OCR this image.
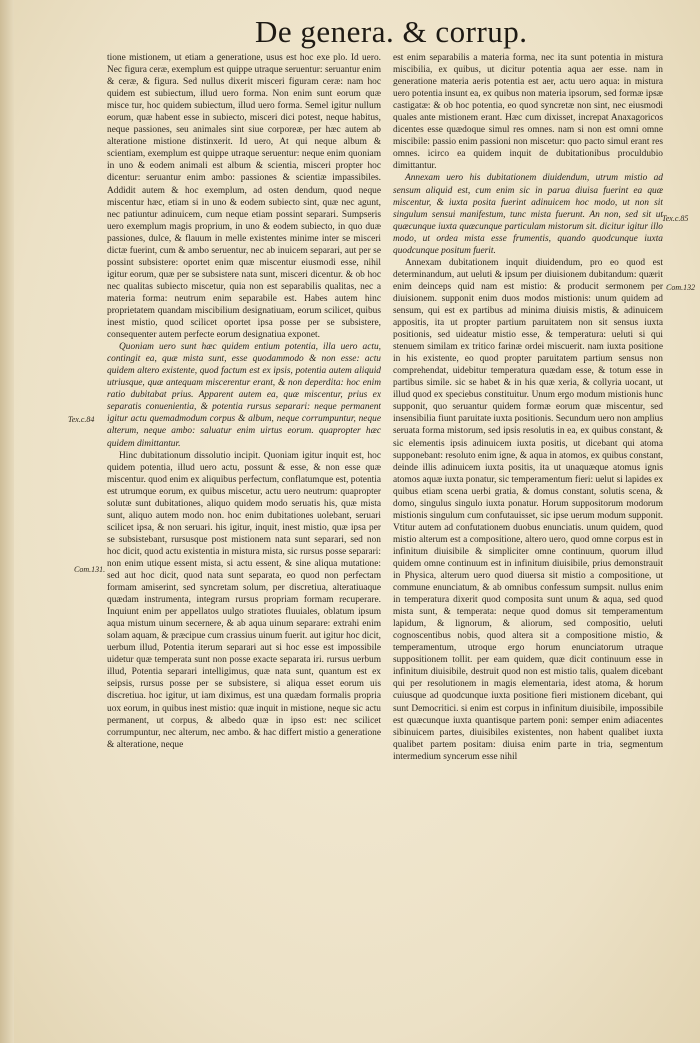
De genera. & corrup.

tione mistionem, ut etiam a generatione, usus est hoc exe plo. Id uero. Nec figura ceræ, exemplum est quippe utraque seruentur: seruantur enim & ceræ, & figura. Sed nullus dixerit misceri figuram ceræ: nam hoc quidem est subiectum, illud uero forma. Non enim sunt eorum quæ misce tur, hoc quidem subiectum, illud uero forma. Semel igitur nullum eorum, quæ habent esse in subiecto, misceri dici potest, neque habitus, neque passiones, seu animales sint siue corporeæ, per hæc autem ab alteratione mistione distinxerit. Id uero, At qui neque album & scientiam, exemplum est quippe utraque seruentur: neque enim quoniam in uno & eodem animali est album & scientia, misceri propter hoc dicentur: seruantur enim ambo: passiones & scientiæ impassibiles. Addidit autem & hoc exemplum, ad osten dendum, quod neque miscentur hæc, etiam si in uno & eodem subiecto sint, quæ nec agunt, nec patiuntur adinuicem, cum neque etiam possint separari. Sumpseris uero exemplum magis proprium, in uno & eodem subiecto, in quo duæ passiones, dulce, & flauum in melle existentes minime inter se misceri dictæ fuerint, cum & ambo seruentur, nec ab inuicem separari, aut per se possint subsistere: oportet enim quæ miscentur eiusmodi esse, nihil igitur eorum, quæ per se subsistere nata sunt, misceri dicentur. & ob hoc nec qualitas subiecto miscetur, quia non est separabilis qualitas, nec a materia forma: neutrum enim separabile est. Habes autem hinc proprietatem quandam miscibilium designatiuam, eorum scilicet, quibus inest mistio, quod scilicet oportet ipsa posse per se subsistere, consequenter autem perfecte eorum designatiua exponet.

Quoniam uero sunt hæc quidem entium potentia, illa uero actu, contingit ea, quæ mista sunt, esse quodammodo & non esse: actu quidem altero existente, quod factum est ex ipsis, potentia autem aliquid utriusque, quæ antequam miscerentur erant, & non deperdita: hoc enim ratio dubitabat prius. Apparent autem ea, quæ miscentur, prius ex separatis conuenientia, & potentia rursus separari: neque permanent igitur actu quemadmodum corpus & album, neque corrumpuntur, neque alterum, neque ambo: saluatur enim uirtus eorum. quapropter hæc quidem dimittantur.

Hinc dubitationum dissolutio incipit. Quoniam igitur inquit est, hoc quidem potentia, illud uero actu, possunt & esse, & non esse quæ miscentur. quod enim ex aliquibus perfectum, conflatumque est, potentia est utrumque eorum, ex quibus miscetur, actu uero neutrum: quapropter solutæ sunt dubitationes, aliquo quidem modo seruatis his, quæ mista sunt, aliquo autem modo non. hoc enim dubitationes uolebant, seruari scilicet ipsa, & non seruari. his igitur, inquit, inest mistio, quæ ipsa per se subsistebant, rursusque post mistionem nata sunt separari, sed non hoc dicit, quod actu existentia in mistura mista, sic rursus posse separari: non enim utique essent mista, si actu essent, & sine aliqua mutatione: sed aut hoc dicit, quod nata sunt separata, eo quod non perfectam formam amiserint, sed syncretam solum, per discretiua, alteratiuaque quædam instrumenta, integram rursus propriam formam recuperare. Inquiunt enim per appellatos uulgo stratiotes fluuiales, oblatum ipsum aqua mistum uinum secernere, & ab aqua uinum separare: extrahi enim solam aquam, & præcipue cum crassius uinum fuerit. aut igitur hoc dicit, uerbum illud, Potentia iterum separari aut si hoc esse est impossibile uidetur quæ temperata sunt non posse exacte separata iri. rursus uerbum illud, Potentia separari intelligimus, quæ nata sunt, quantum est ex seipsis, rursus posse per se subsistere, si aliqua esset eorum uis discretiua. hoc igitur, ut iam diximus, est una quædam formalis propria uox eorum, in quibus inest mistio: quæ inquit in mistione, neque sic actu permanent, ut corpus, & albedo quæ in ipso est: nec scilicet corrumpuntur, nec alterum, nec ambo. & hac differt mistio a generatione & alteratione, neque

est enim separabilis a materia forma, nec ita sunt potentia in mistura miscibilia, ex quibus, ut dicitur potentia aqua aer esse. nam in generatione materia aeris potentia est aer, actu uero aqua: in mistura uero potentia insunt ea, ex quibus non materia ipsorum, sed formæ ipsæ castigatæ: & ob hoc potentia, eo quod syncretæ non sint, nec eiusmodi quales ante mistionem erant. Hæc cum dixisset, increpat Anaxagoricos dicentes esse quædoque simul res omnes. nam si non est omni omne miscibile: passio enim passioni non miscetur: quo pacto simul erant res omnes. icirco ea quidem inquit de dubitationibus proculdubio dimittantur.

Annexam uero his dubitationem diuidendum, utrum mistio ad sensum aliquid est, cum enim sic in parua diuisa fuerint ea quæ miscentur, & iuxta posita fuerint adinuicem hoc modo, ut non sit singulum sensui manifestum, tunc mista fuerunt. An non, sed sit ut quæcunque iuxta quæcunque particulam mistorum sit. dicitur igitur illo modo, ut ordea mista esse frumentis, quando quodcunque iuxta quodcunque positum fuerit.

Annexam dubitationem inquit diuidendum, pro eo quod est determinandum, aut ueluti & ipsum per diuisionem dubitandum: quærit enim deinceps quid nam est mistio: & producit sermonem per diuisionem. supponit enim duos modos mistionis: unum quidem ad sensum, qui est ex partibus ad minima diuisis mistis, & adinuicem appositis, ita ut propter partium paruitatem non sit sensus iuxta positionis, sed uideatur mistio esse, & temperatura: ueluti si qui stenuem similam ex tritico farinæ ordei miscuerit. nam iuxta positione in his existente, eo quod propter paruitatem partium sensus non comprehendat, uidebitur temperatura quædam esse, & totum esse in partibus simile. sic se habet & in his quæ xeria, & collyria uocant, ut illud quod ex speciebus constituitur. Unum ergo modum mistionis hunc supponit, quo seruantur quidem formæ eorum quæ miscentur, sed insensibilia fiunt paruitate iuxta positionis. Secundum uero non amplius seruata forma mistorum, sed ipsis resolutis in ea, ex quibus constant, & sic elementis ipsis adinuicem iuxta positis, ut dicebant qui atoma supponebant: resoluto enim igne, & aqua in atomos, ex quibus constant, deinde illis adinuicem iuxta positis, ita ut unaquæque atomus ignis atomos aquæ iuxta ponatur, sic temperamentum fieri: uelut si lapides ex quibus etiam scena uerbi gratia, & domus constant, solutis scena, & domo, singulus singulo iuxta ponatur. Horum suppositorum modorum mistionis singulum cum confutauisset, sic ipse uerum modum supponit. Vtitur autem ad confutationem duobus enunciatis. unum quidem, quod mistio alterum est a compositione, altero uero, quod omne corpus est in infinitum diuisibile & simpliciter omne continuum, quorum illud quidem omne continuum est in infinitum diuisibile, prius demonstrauit in Physica, alterum uero quod diuersa sit mistio a compositione, ut commune enunciatum, & ab omnibus confessum sumpsit. nullus enim in temperatura dixerit quod composita sunt unum & aqua, sed quod mista sunt, & temperata: neque quod domus sit temperamentum lapidum, & lignorum, & aliorum, sed compositio, ueluti cognoscentibus nobis, quod altera sit a compositione mistio, & temperamentum, utroque ergo horum enunciatorum utraque suppositionem tollit. per eam quidem, quæ dicit continuum esse in infinitum diuisibile, destruit quod non est mistio talis, qualem dicebant qui per resolutionem in magis elementaria, idest atoma, & horum cuiusque ad quodcunque iuxta positione fieri mistionem dicebant, qui sunt Democritici. si enim est corpus in infinitum diuisibile, impossibile est quæcunque iuxta quantisque partem poni: semper enim adiacentes sibinuicem partes, diuisibiles existentes, non habent qualibet iuxta qualibet partem positam: diuisa enim parte in tria, segmentum intermedium syncerum esse nihil

Tex.c.84
Com.131.
Tex.c.85
Com.132
